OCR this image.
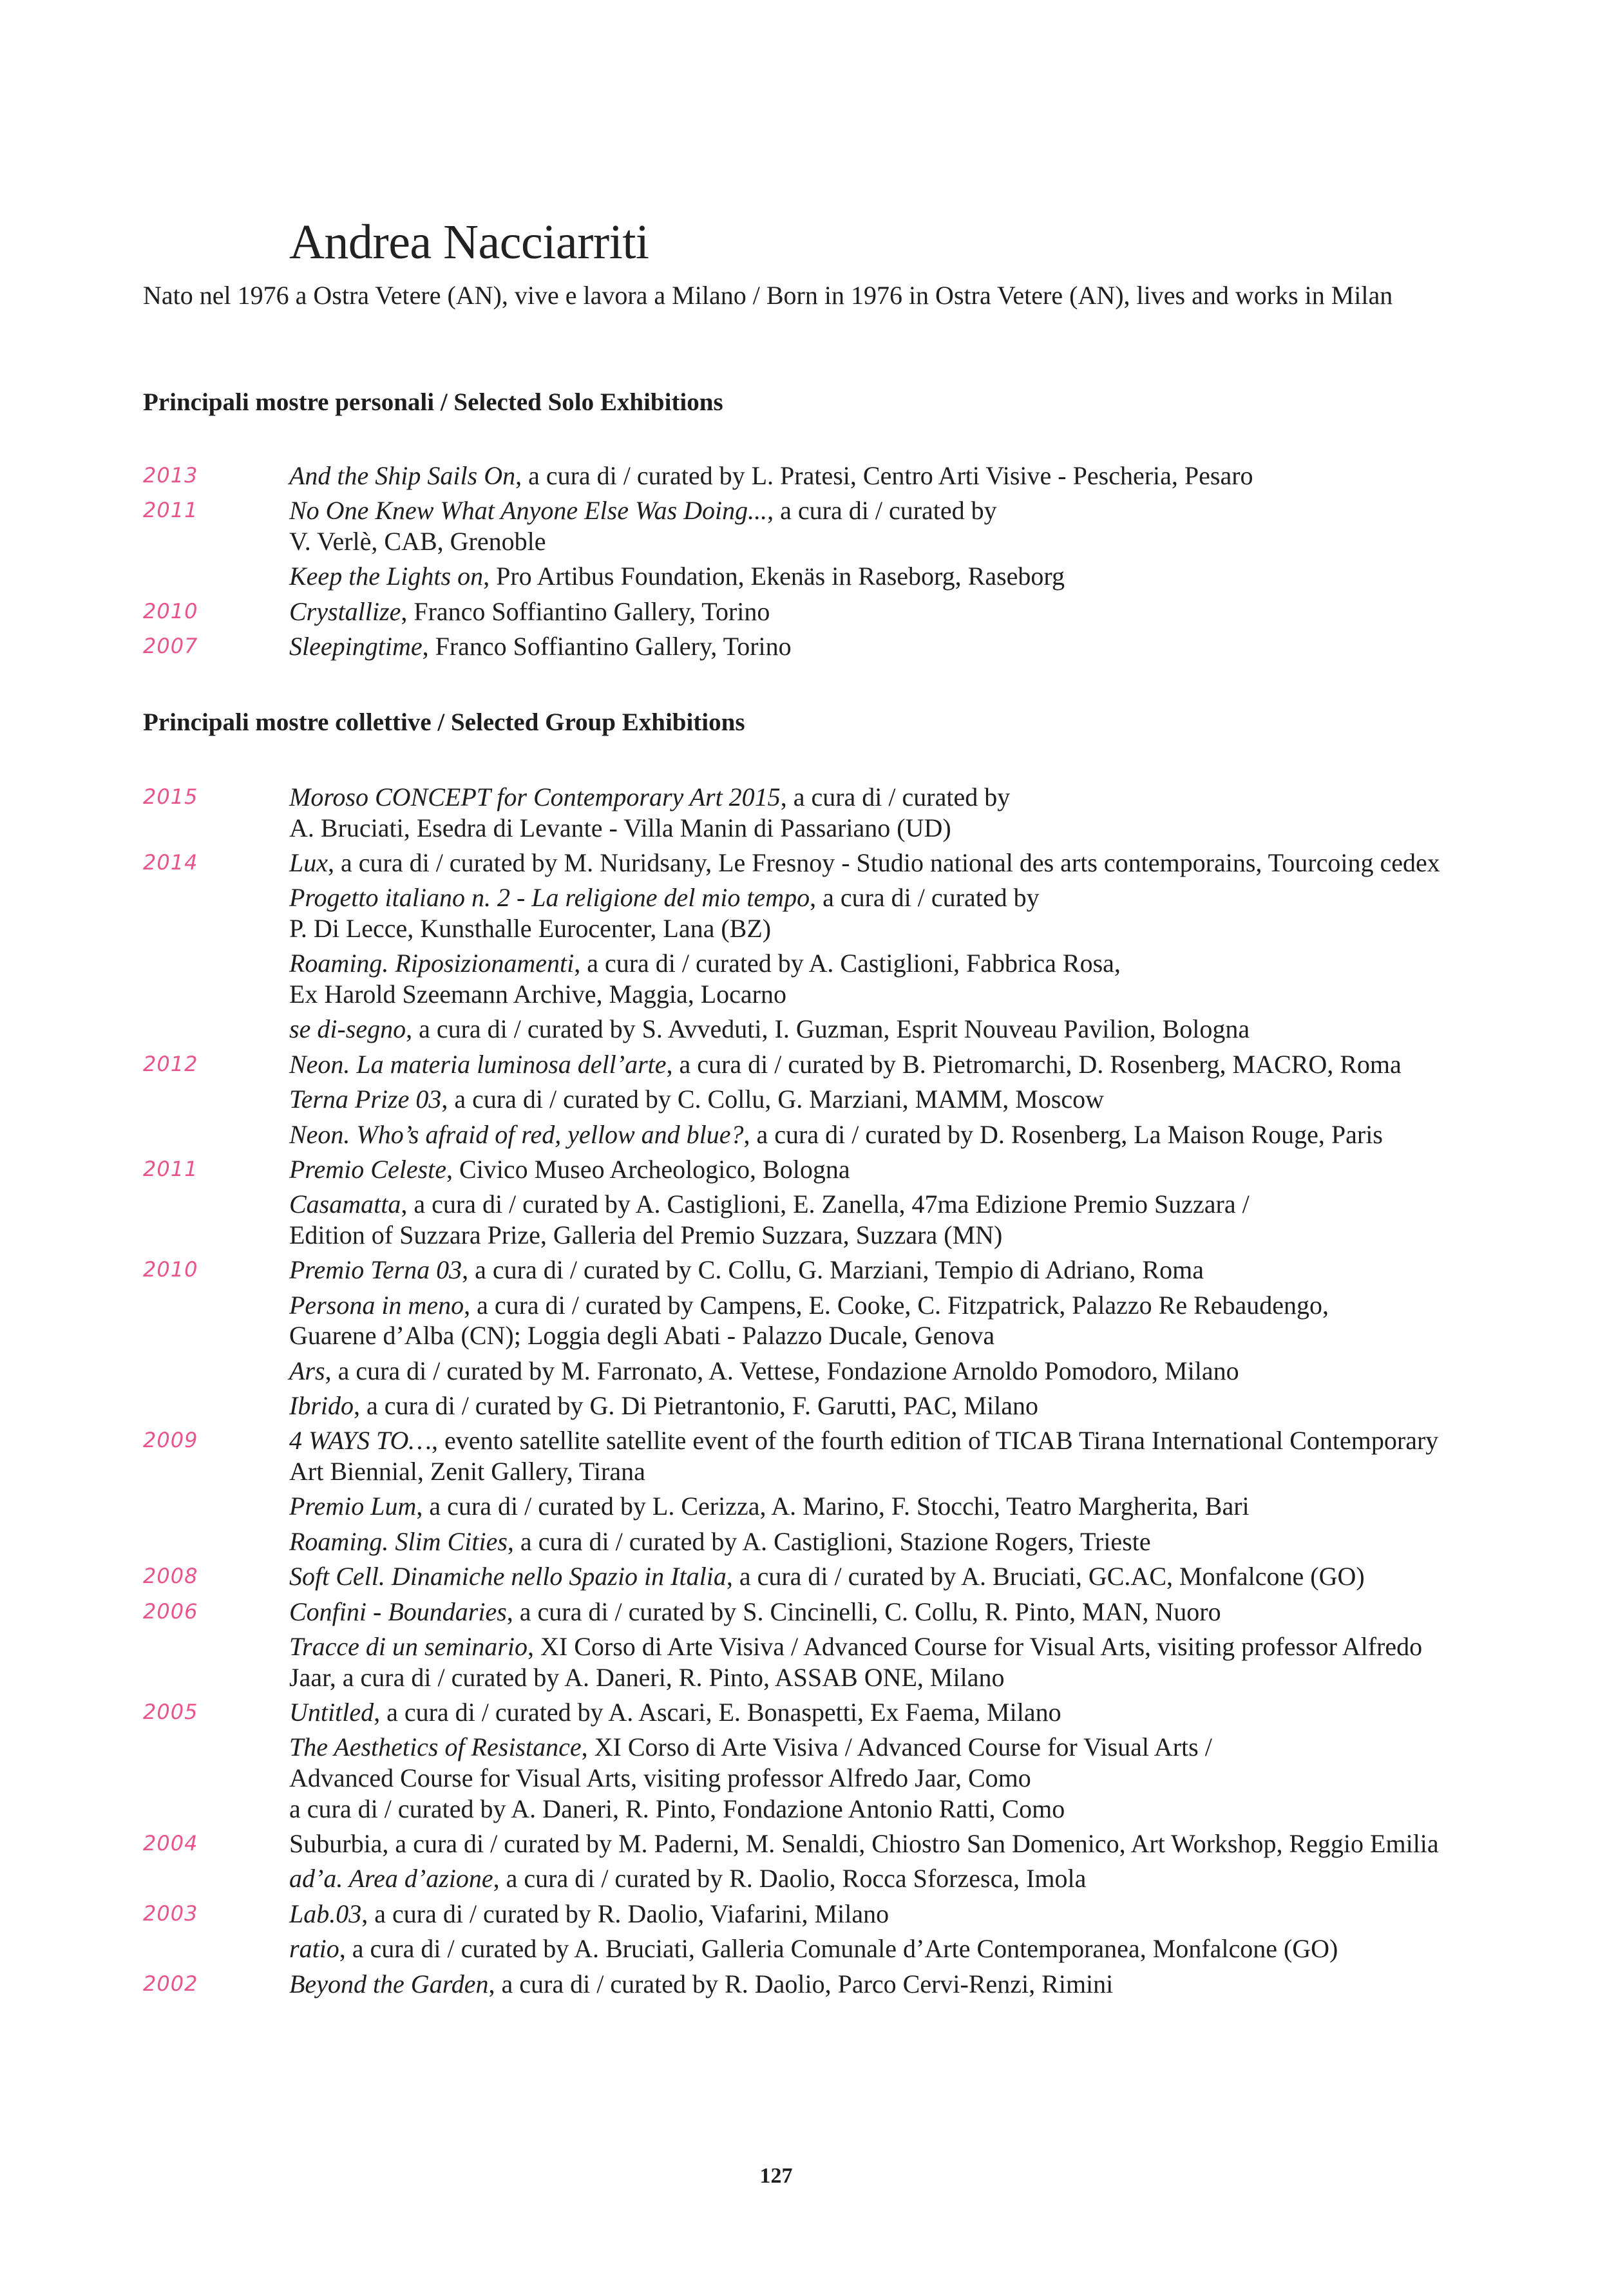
Andrea Nacciarriti
Nato nel 1976 a Ostra Vetere (AN), vive e lavora a Milano / Born in 1976 in Ostra Vetere (AN), lives and works in Milan
Principali mostre personali / Selected Solo Exhibitions
2013	And the Ship Sails On, a cura di / curated by L. Pratesi, Centro Arti Visive - Pescheria, Pesaro
2011	No One Knew What Anyone Else Was Doing..., a cura di / curated by
V. Verlè, CAB, Grenoble
Keep the Lights on, Pro Artibus Foundation, Ekenäs in Raseborg, Raseborg
2010	Crystallize, Franco Soffiantino Gallery, Torino
2007	Sleepingtime, Franco Soffiantino Gallery, Torino
Principali mostre collettive / Selected Group Exhibitions
2015	Moroso CONCEPT for Contemporary Art 2015, a cura di / curated by
A. Bruciati, Esedra di Levante - Villa Manin di Passariano (UD)
2014	Lux, a cura di / curated by M. Nuridsany, Le Fresnoy - Studio national des arts contemporains, Tourcoing cedex
Progetto italiano n. 2 - La religione del mio tempo, a cura di / curated by
P. Di Lecce, Kunsthalle Eurocenter, Lana (BZ)
Roaming. Riposizionamenti, a cura di / curated by A. Castiglioni, Fabbrica Rosa,
Ex Harold Szeemann Archive, Maggia, Locarno
se di-segno, a cura di / curated by S. Avveduti, I. Guzman, Esprit Nouveau Pavilion, Bologna
2012	Neon. La materia luminosa dell’arte, a cura di / curated by B. Pietromarchi, D. Rosenberg, MACRO, Roma
Terna Prize 03, a cura di / curated by C. Collu, G. Marziani, MAMM, Moscow
Neon. Who’s afraid of red, yellow and blue?, a cura di / curated by D. Rosenberg, La Maison Rouge, Paris
2011	Premio Celeste, Civico Museo Archeologico, Bologna
Casamatta, a cura di / curated by A. Castiglioni, E. Zanella, 47ma Edizione Premio Suzzara /
Edition of Suzzara Prize, Galleria del Premio Suzzara, Suzzara (MN)
2010	Premio Terna 03, a cura di / curated by C. Collu, G. Marziani, Tempio di Adriano, Roma
Persona in meno, a cura di / curated by Campens, E. Cooke, C. Fitzpatrick, Palazzo Re Rebaudengo,
Guarene d’Alba (CN); Loggia degli Abati - Palazzo Ducale, Genova
Ars, a cura di / curated by M. Farronato, A. Vettese, Fondazione Arnoldo Pomodoro, Milano
Ibrido, a cura di / curated by G. Di Pietrantonio, F. Garutti, PAC, Milano
2009	4 WAYS TO…, evento satellite satellite event of the fourth edition of TICAB Tirana International Contemporary
Art Biennial, Zenit Gallery, Tirana
Premio Lum, a cura di / curated by L. Cerizza, A. Marino, F. Stocchi, Teatro Margherita, Bari
Roaming. Slim Cities, a cura di / curated by A. Castiglioni, Stazione Rogers, Trieste
2008	Soft Cell. Dinamiche nello Spazio in Italia, a cura di / curated by A. Bruciati, GC.AC, Monfalcone (GO)
2006	Confini - Boundaries, a cura di / curated by S. Cincinelli, C. Collu, R. Pinto, MAN, Nuoro
Tracce di un seminario, XI Corso di Arte Visiva / Advanced Course for Visual Arts, visiting professor Alfredo
Jaar, a cura di / curated by A. Daneri, R. Pinto, ASSAB ONE, Milano
2005	Untitled, a cura di / curated by A. Ascari, E. Bonaspetti, Ex Faema, Milano
The Aesthetics of Resistance, XI Corso di Arte Visiva / Advanced Course for Visual Arts /
Advanced Course for Visual Arts, visiting professor Alfredo Jaar, Como
a cura di / curated by A. Daneri, R. Pinto, Fondazione Antonio Ratti, Como
2004	Suburbia, a cura di / curated by M. Paderni, M. Senaldi, Chiostro San Domenico, Art Workshop, Reggio Emilia
ad’a. Area d’azione, a cura di / curated by R. Daolio, Rocca Sforzesca, Imola
2003	Lab.03, a cura di / curated by R. Daolio, Viafarini, Milano
ratio, a cura di / curated by A. Bruciati, Galleria Comunale d’Arte Contemporanea, Monfalcone (GO)
2002	Beyond the Garden, a cura di / curated by R. Daolio, Parco Cervi-Renzi, Rimini
127
